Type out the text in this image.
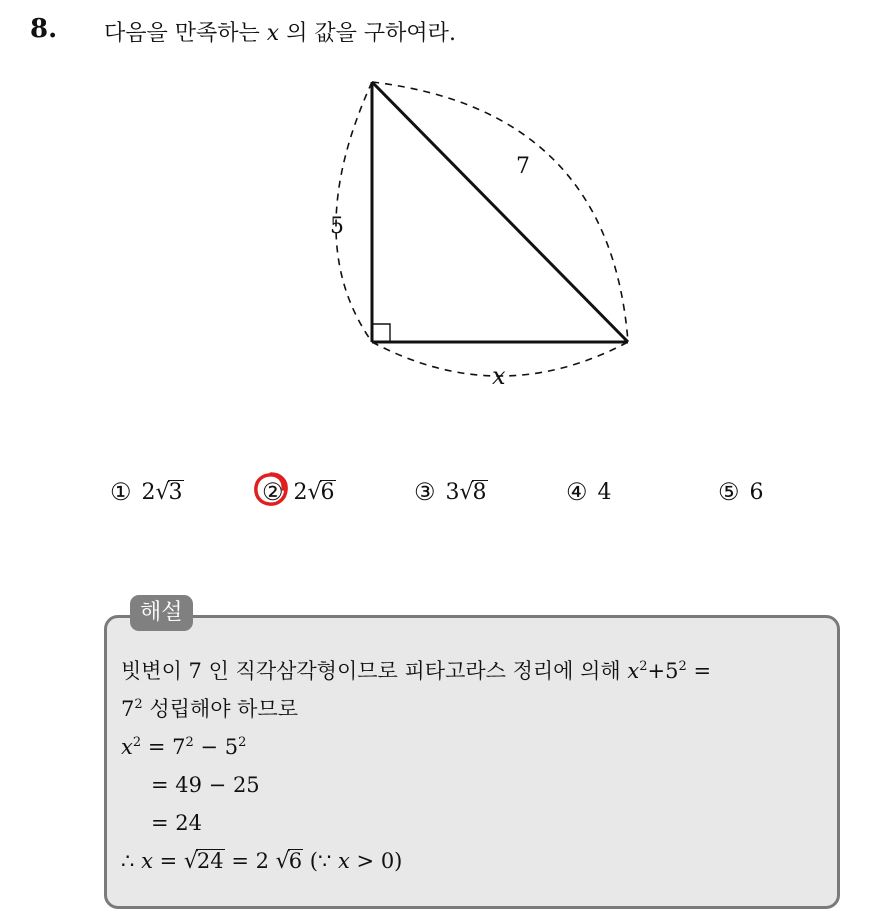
8. 다음을 만족하는 x 의 값을 구하여라.
5
7
x
① 2 √3	② 2 √6	③ 3 √8	④ 4	⑤ 6
빗변이 7 인 직각삼각형이므로 피타고라스 정리에 의해 $x^2+5^2$ =
$7^2$ 성립해야 하므로
$x^2 = 7^2 - 5^2$
= 49 − 25
= 24
∴ x = √24 = 2 √6 (∵ x > 0)
해설
